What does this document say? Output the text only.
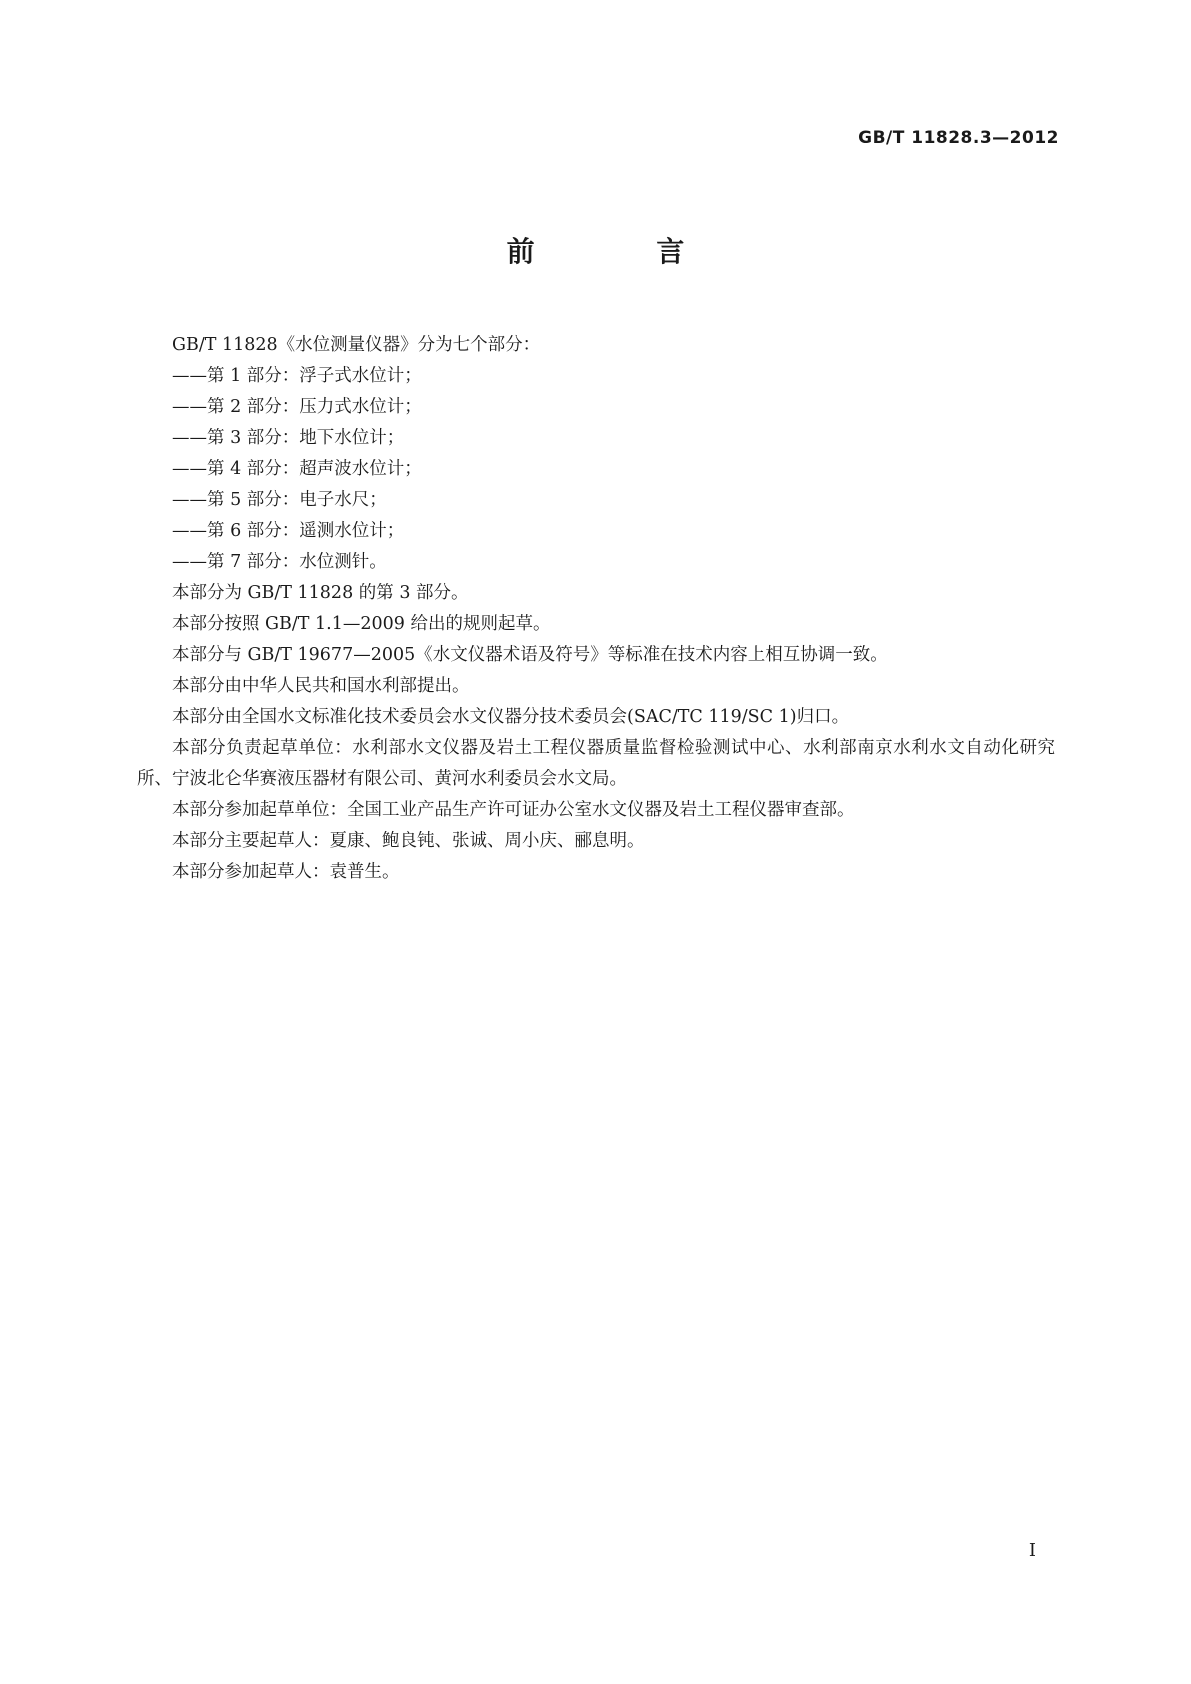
GB/T 11828.3—2012
前 言

GB/T 11828《水位测量仪器》分为七个部分：

——第 1 部分：浮子式水位计；

——第 2 部分：压力式水位计；

——第 3 部分：地下水位计；

——第 4 部分：超声波水位计；

——第 5 部分：电子水尺；

——第 6 部分：遥测水位计；

——第 7 部分：水位测针。

本部分为 GB/T 11828 的第 3 部分。

本部分按照 GB/T 1.1—2009 给出的规则起草。

本部分与 GB/T 19677—2005《水文仪器术语及符号》等标准在技术内容上相互协调一致。

本部分由中华人民共和国水利部提出。

本部分由全国水文标准化技术委员会水文仪器分技术委员会(SAC/TC 119/SC 1)归口。

本部分负责起草单位：水利部水文仪器及岩土工程仪器质量监督检验测试中心、水利部南京水利水文自动化研究所、宁波北仑华赛液压器材有限公司、黄河水利委员会水文局。

本部分参加起草单位：全国工业产品生产许可证办公室水文仪器及岩土工程仪器审查部。

本部分主要起草人：夏康、鲍良钝、张诚、周小庆、郦息明。

本部分参加起草人：袁普生。

I
